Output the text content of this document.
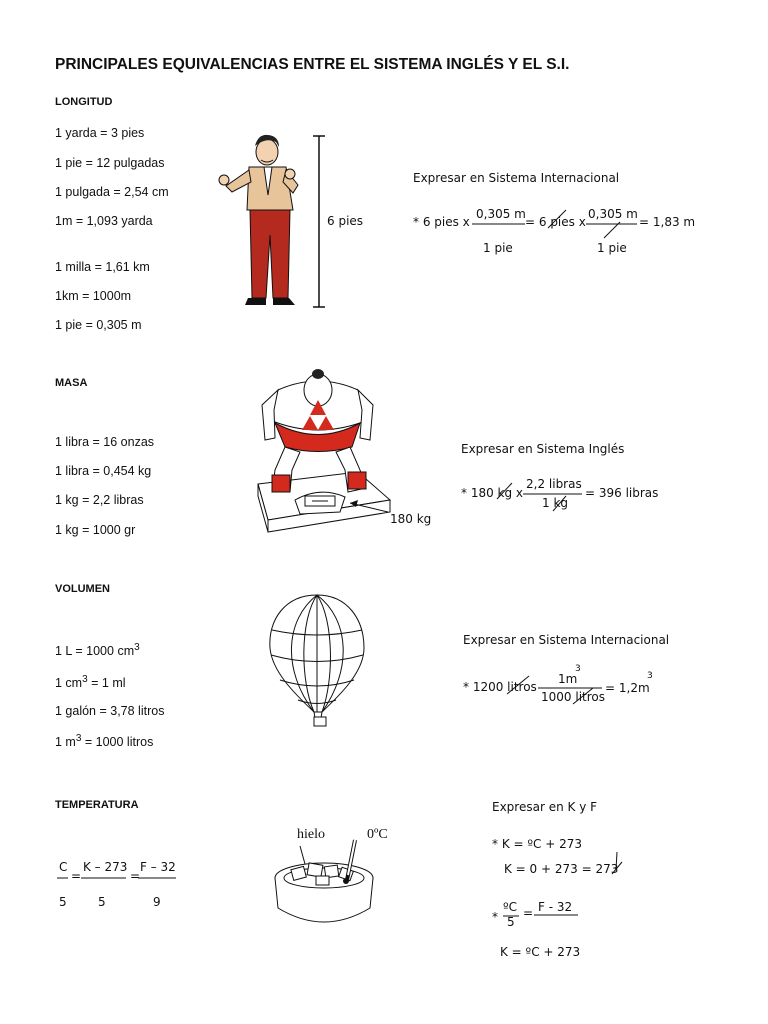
PRINCIPALES EQUIVALENCIAS ENTRE EL SISTEMA INGLÉS Y EL S.I.
LONGITUD
1 yarda = 3 pies
1 pie = 12 pulgadas
1 pulgada = 2,54 cm
1m = 1,093 yarda
1 milla = 1,61 km
1km = 1000m
1 pie = 0,305 m
6 pies
Expresar en Sistema Internacional
* 6 pies x
0,305 m
1 pie
= 6 pies x
0,305 m
1 pie
= 1,83 m
MASA
1 libra = 16 onzas
1 libra = 0,454 kg
1 kg = 2,2 libras
1 kg = 1000 gr
180 kg
Expresar en Sistema Inglés
* 180 kg x
2,2 libras
1 kg
= 396 libras
VOLUMEN
1 L = 1000 $cm^3$
1 $cm^3 = 1$ ml
1 galón = 3,78 litros
1 $m^3 = 1000$ litros
Expresar en Sistema Internacional
* 1200 litros
1m
3
1000 litros
= 1,2m
3
TEMPERATURA
C
5
=
K – 273
5
=
F – 32
9
hielo	0ºC
Expresar en K y F
* K = ºC + 273
K = 0 + 273 = 273
*
ºC
5
= F - 32
K = ºC + 273
